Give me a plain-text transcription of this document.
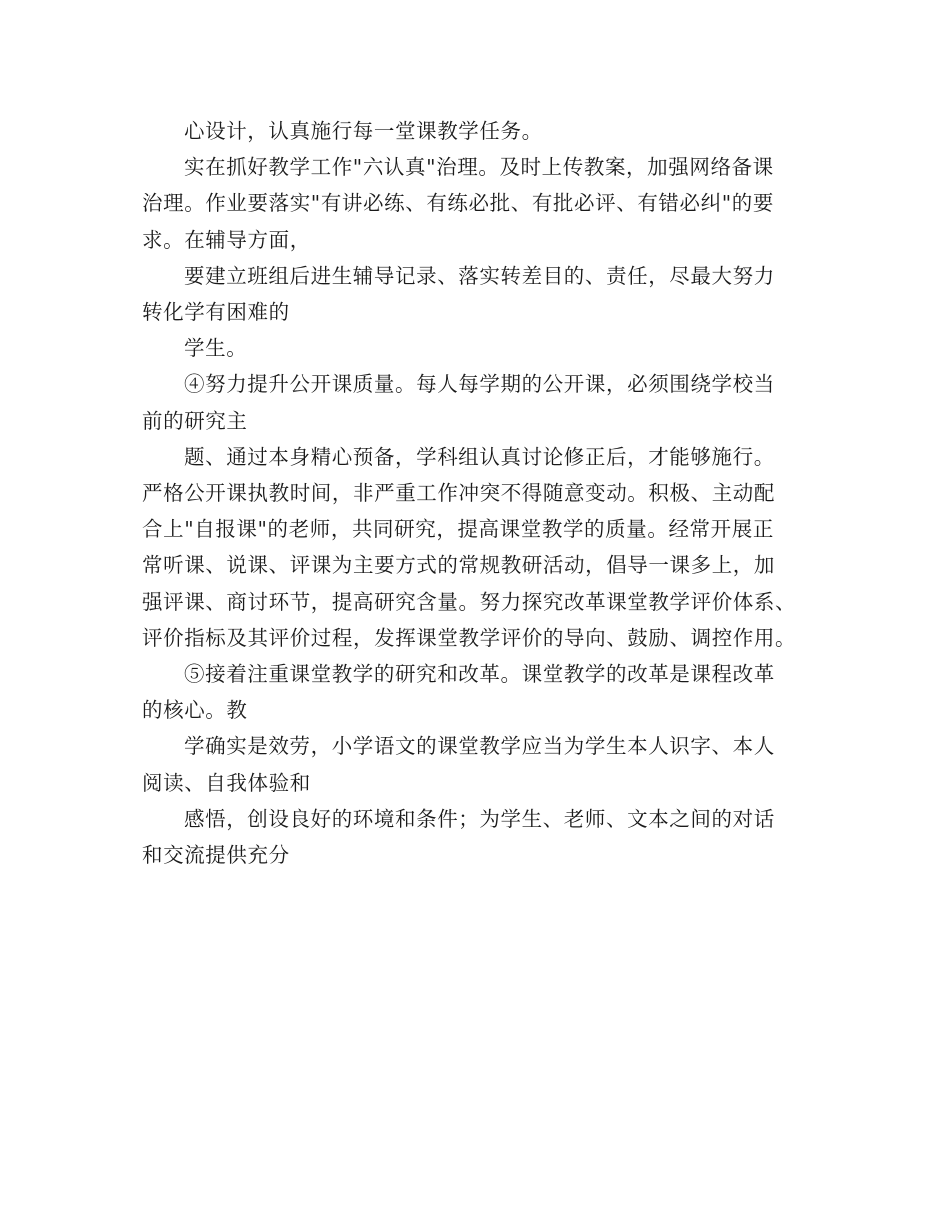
心设计，认真施行每一堂课教学任务。
实在抓好教学工作"六认真"治理。及时上传教案，加强网络备课
治理。作业要落实"有讲必练、有练必批、有批必评、有错必纠"的要
求。在辅导方面，
要建立班组后进生辅导记录、落实转差目的、责任，尽最大努力
转化学有困难的
学生。
④努力提升公开课质量。每人每学期的公开课，必须围绕学校当
前的研究主
题、通过本身精心预备，学科组认真讨论修正后，才能够施行。
严格公开课执教时间，非严重工作冲突不得随意变动。积极、主动配
合上"自报课"的老师，共同研究，提高课堂教学的质量。经常开展正
常听课、说课、评课为主要方式的常规教研活动，倡导一课多上，加
强评课、商讨环节，提高研究含量。努力探究改革课堂教学评价体系、
评价指标及其评价过程，发挥课堂教学评价的导向、鼓励、调控作用。
⑤接着注重课堂教学的研究和改革。课堂教学的改革是课程改革
的核心。教
学确实是效劳，小学语文的课堂教学应当为学生本人识字、本人
阅读、自我体验和
感悟，创设良好的环境和条件；为学生、老师、文本之间的对话
和交流提供充分
